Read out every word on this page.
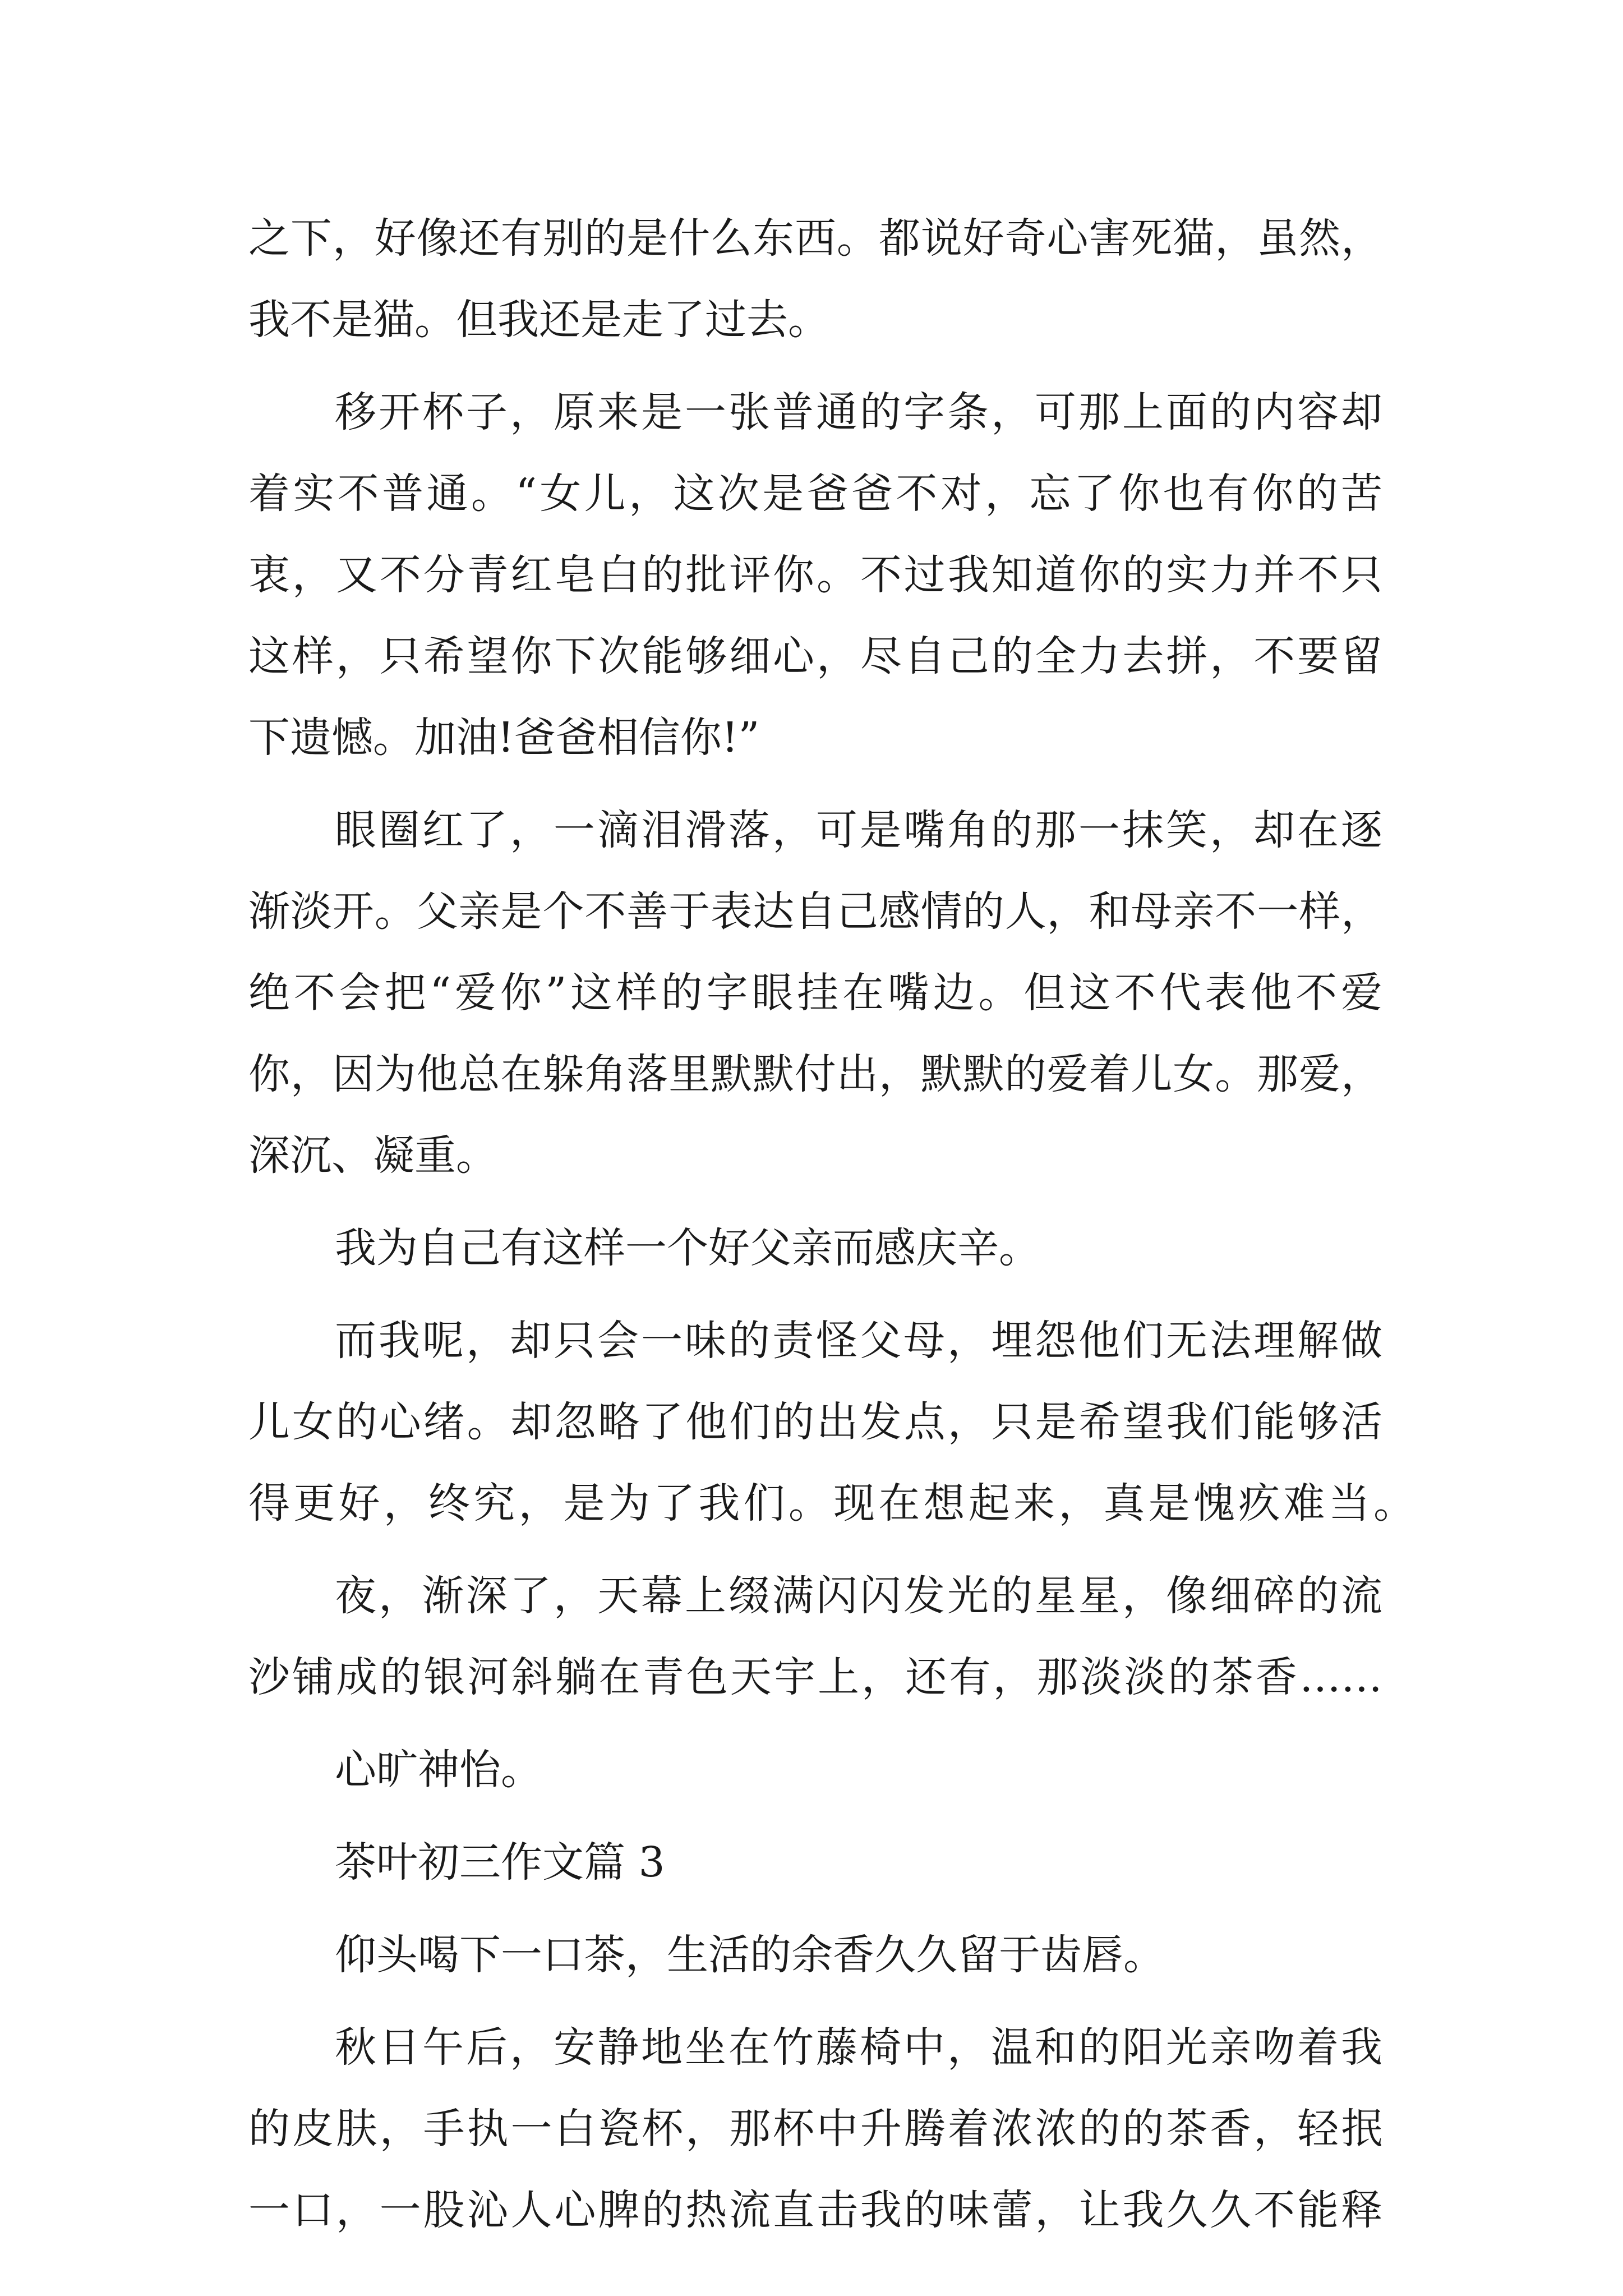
之下，好像还有别的是什么东西。都说好奇心害死猫，虽然，
我不是猫。但我还是走了过去。
移开杯子，原来是一张普通的字条，可那上面的内容却
着实不普通。“女儿，这次是爸爸不对，忘了你也有你的苦
衷，又不分青红皂白的批评你。不过我知道你的实力并不只
这样，只希望你下次能够细心，尽自己的全力去拼，不要留
下遗憾。加油!爸爸相信你!”
眼圈红了，一滴泪滑落，可是嘴角的那一抹笑，却在逐
渐淡开。父亲是个不善于表达自己感情的人，和母亲不一样，
绝不会把“爱你”这样的字眼挂在嘴边。但这不代表他不爱
你，因为他总在躲角落里默默付出，默默的爱着儿女。那爱，
深沉、凝重。
我为自己有这样一个好父亲而感庆辛。
而我呢，却只会一味的责怪父母，埋怨他们无法理解做
儿女的心绪。却忽略了他们的出发点，只是希望我们能够活
得更好，终究，是为了我们。现在想起来，真是愧疚难当。
夜，渐深了，天幕上缀满闪闪发光的星星，像细碎的流
沙铺成的银河斜躺在青色天宇上，还有，那淡淡的茶香……
心旷神怡。
茶叶初三作文篇 3
仰头喝下一口茶，生活的余香久久留于齿唇。
秋日午后，安静地坐在竹藤椅中，温和的阳光亲吻着我
的皮肤，手执一白瓷杯，那杯中升腾着浓浓的的茶香，轻抿
一口，一股沁人心脾的热流直击我的味蕾，让我久久不能释
